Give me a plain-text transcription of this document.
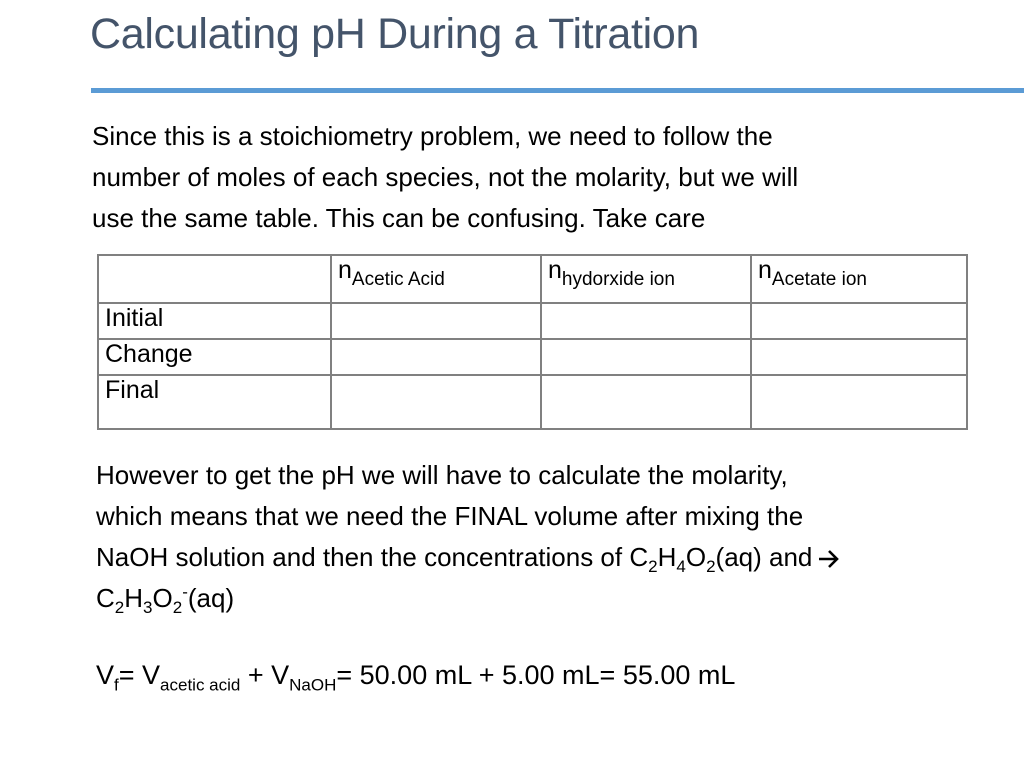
Calculating pH During a Titration
Since this is a stoichiometry problem, we need to follow the
number of moles of each species, not the molarity, but we will
use the same table. This can be confusing. Take care
	$n_{Acetic Acid}$	$n_{hydorxide ion}$	$n_{Acetate ion}$
Initial			
Change			
Final			
However to get the pH we will have to calculate the molarity,
which means that we need the FINAL volume after mixing the
NaOH solution and then the concentrations of $C_2H_4O_2(aq)$ and
$C_2H_3O_2^-(aq)$
$V_f= V_{acetic acid} + V_{NaOH}= 50.00$ mL + 5.00 mL= 55.00 mL
